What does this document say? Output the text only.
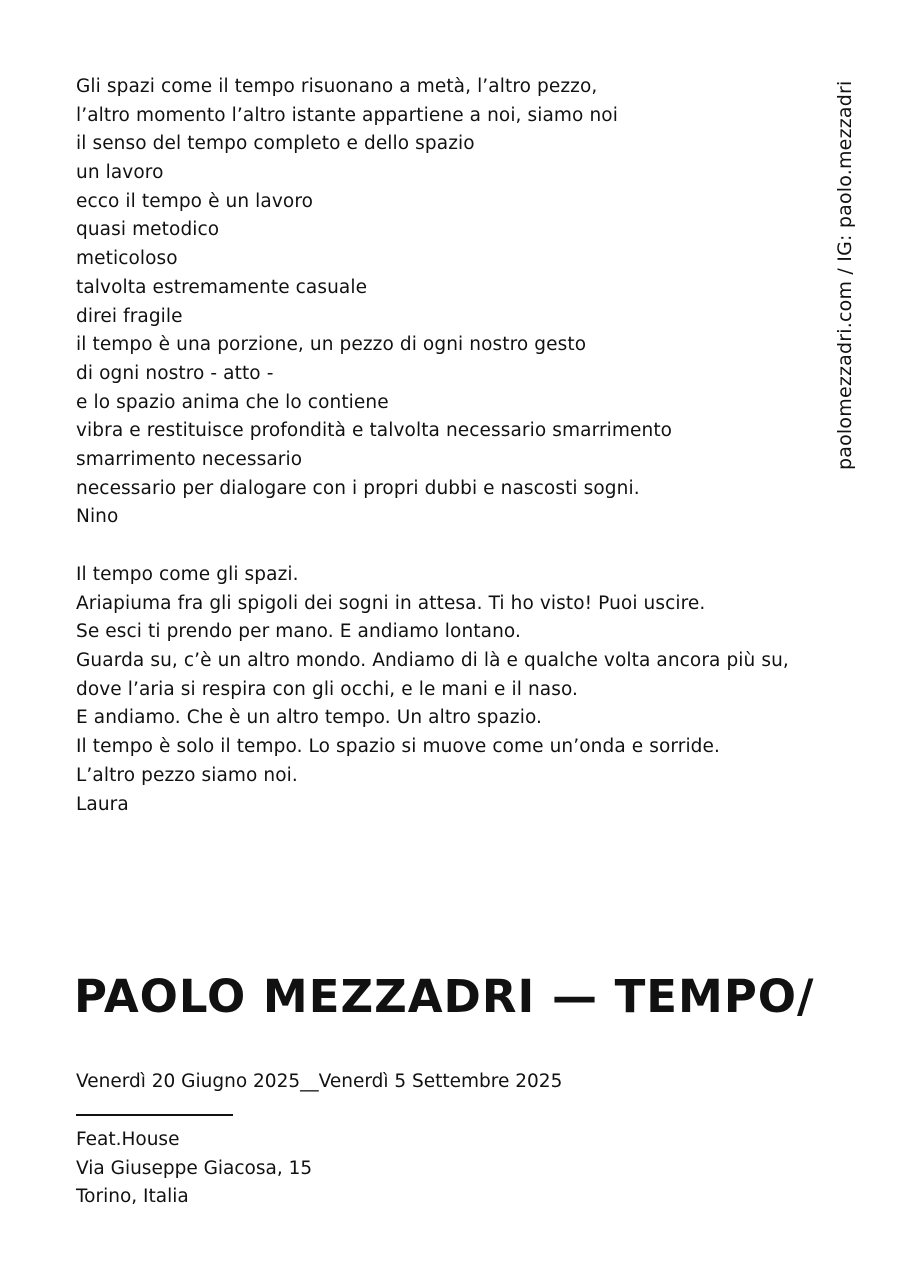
Gli spazi come il tempo risuonano a metà, l’altro pezzo,
l’altro momento l’altro istante appartiene a noi, siamo noi
il senso del tempo completo e dello spazio
un lavoro
ecco il tempo è un lavoro
quasi metodico
meticoloso
talvolta estremamente casuale
direi fragile
il tempo è una porzione, un pezzo di ogni nostro gesto
di ogni nostro - atto -
e lo spazio anima che lo contiene
vibra e restituisce profondità e talvolta necessario smarrimento
smarrimento necessario
necessario per dialogare con i propri dubbi e nascosti sogni.
Nino
Il tempo come gli spazi.
Ariapiuma fra gli spigoli dei sogni in attesa. Ti ho visto! Puoi uscire.
Se esci ti prendo per mano. E andiamo lontano.
Guarda su, c’è un altro mondo. Andiamo di là e qualche volta ancora più su,
dove l’aria si respira con gli occhi, e le mani e il naso.
E andiamo. Che è un altro tempo. Un altro spazio.
Il tempo è solo il tempo. Lo spazio si muove come un’onda e sorride.
L’altro pezzo siamo noi.
Laura
paolomezzadri.com / IG: paolo.mezzadri
PAOLO MEZZADRI — TEMPO/
Venerdì 20 Giugno 2025__Venerdì 5 Settembre 2025
Feat.House
Via Giuseppe Giacosa, 15
Torino, Italia
